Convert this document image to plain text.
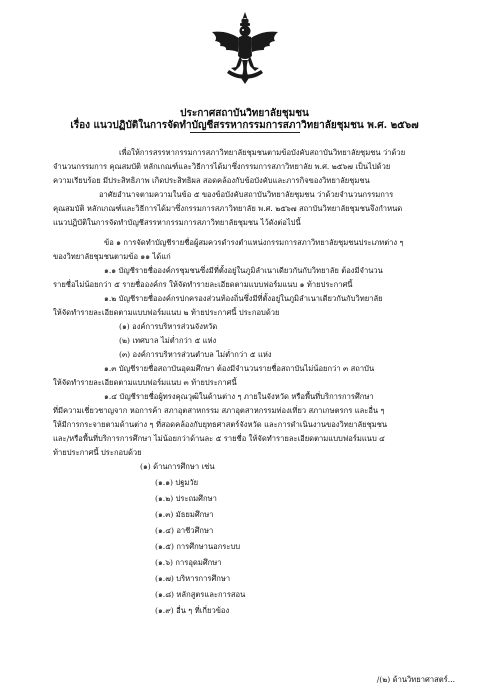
ประกาศสถาบันวิทยาลัยชุมชน
เรื่อง แนวปฏิบัติในการจัดทำบัญชีสรรหากรรมการสภาวิทยาลัยชุมชน พ.ศ. ๒๕๖๗
เพื่อให้การสรรหากรรมการสภาวิทยาลัยชุมชนตามข้อบังคับสถาบันวิทยาลัยชุมชน ว่าด้วย
จำนวนกรรมการ คุณสมบัติ หลักเกณฑ์และวิธีการได้มาซึ่งกรรมการสภาวิทยาลัย พ.ศ. ๒๕๖๗ เป็นไปด้วย
ความเรียบร้อย มีประสิทธิภาพ เกิดประสิทธิผล สอดคล้องกับข้อบังคับและภารกิจของวิทยาลัยชุมชน
อาศัยอำนาจตามความในข้อ ๕ ของข้อบังคับสถาบันวิทยาลัยชุมชน ว่าด้วยจำนวนกรรมการ
คุณสมบัติ หลักเกณฑ์และวิธีการได้มาซึ่งกรรมการสภาวิทยาลัย พ.ศ. ๒๕๖๗ สถาบันวิทยาลัยชุมชนจึงกำหนด
แนวปฏิบัติในการจัดทำบัญชีสรรหากรรมการสภาวิทยาลัยชุมชน ไว้ดังต่อไปนี้
ข้อ ๑ การจัดทำบัญชีรายชื่อผู้สมควรดำรงตำแหน่งกรรมการสภาวิทยาลัยชุมชนประเภทต่าง ๆ
ของวิทยาลัยชุมชนตามข้อ ๑๑ ได้แก่
๑.๑ บัญชีรายชื่อองค์กรชุมชนซึ่งมีที่ตั้งอยู่ในภูมิลำเนาเดียวกันกับวิทยาลัย ต้องมีจำนวน
รายชื่อไม่น้อยกว่า ๕ รายชื่อองค์กร ให้จัดทำรายละเอียดตามแบบฟอร์มแนบ ๑ ท้ายประกาศนี้
๑.๒ บัญชีรายชื่อองค์กรปกครองส่วนท้องถิ่นซึ่งมีที่ตั้งอยู่ในภูมิลำเนาเดียวกันกับวิทยาลัย
ให้จัดทำรายละเอียดตามแบบฟอร์มแนบ ๒ ท้ายประกาศนี้ ประกอบด้วย
(๑) องค์การบริหารส่วนจังหวัด
(๒) เทศบาล ไม่ต่ำกว่า ๕ แห่ง
(๓) องค์การบริหารส่วนตำบล ไม่ต่ำกว่า ๕ แห่ง
๑.๓ บัญชีรายชื่อสถาบันอุดมศึกษา ต้องมีจำนวนรายชื่อสถาบันไม่น้อยกว่า ๓ สถาบัน
ให้จัดทำรายละเอียดตามแบบฟอร์มแนบ ๓ ท้ายประกาศนี้
๑.๔ บัญชีรายชื่อผู้ทรงคุณวุฒิในด้านต่าง ๆ ภายในจังหวัด หรือพื้นที่บริการการศึกษา
ที่มีความเชี่ยวชาญจาก หอการค้า สภาอุตสาหกรรม สภาอุตสาหกรรมท่องเที่ยว สภาเกษตรกร และอื่น ๆ
ให้มีการกระจายตามด้านต่าง ๆ ที่สอดคล้องกับยุทธศาสตร์จังหวัด และการดำเนินงานของวิทยาลัยชุมชน
และ/หรือพื้นที่บริการการศึกษา ไม่น้อยกว่าด้านละ ๕ รายชื่อ ให้จัดทำรายละเอียดตามแบบฟอร์มแนบ ๔
ท้ายประกาศนี้ ประกอบด้วย
(๑) ด้านการศึกษา เช่น
(๑.๑) ปฐมวัย
(๑.๒) ประถมศึกษา
(๑.๓) มัธยมศึกษา
(๑.๔) อาชีวศึกษา
(๑.๕) การศึกษานอกระบบ
(๑.๖) การอุดมศึกษา
(๑.๗) บริหารการศึกษา
(๑.๘) หลักสูตรและการสอน
(๑.๙) อื่น ๆ ที่เกี่ยวข้อง
/(๒) ด้านวิทยาศาสตร์...
